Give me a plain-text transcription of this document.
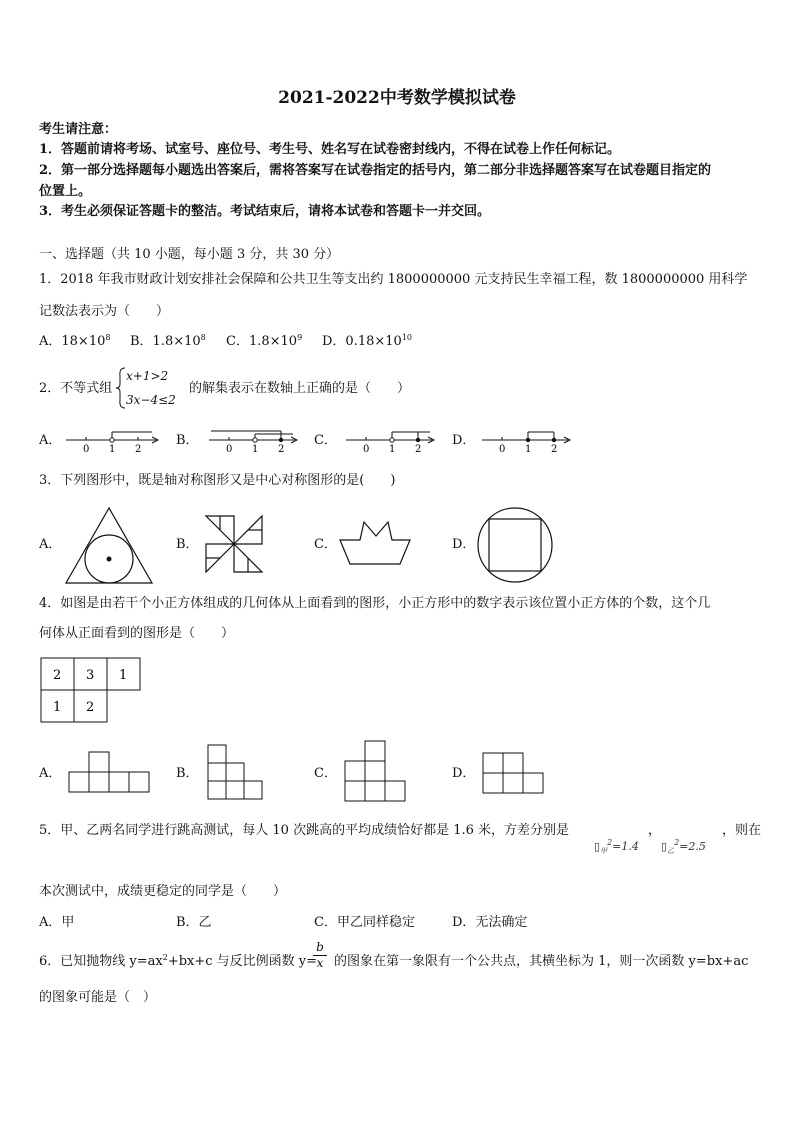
2021-2022中考数学模拟试卷
考生请注意：
1．答题前请将考场、试室号、座位号、考生号、姓名写在试卷密封线内，不得在试卷上作任何标记。
2．第一部分选择题每小题选出答案后，需将答案写在试卷指定的括号内，第二部分非选择题答案写在试卷题目指定的
位置上。
3．考生必须保证答题卡的整洁。考试结束后，请将本试卷和答题卡一并交回。
一、选择题（共 10 小题，每小题 3 分，共 30 分）
1．2018 年我市财政计划安排社会保障和公共卫生等支出约 1800000000 元支持民生幸福工程，数 1800000000 用科学
记数法表示为（　　）
A．$18\times 10^8$ B．$1.8\times 10^8$ C．$1.8\times 10^9$ D．$0.18\times 10^{10}$
2．不等式组
x+1>2
3x−4≤2
的解集表示在数轴上正确的是（　　）
A．
0 1 2
B．
0 1 2
C．
0 1 2
D．
0 1 2
3．下列图形中，既是轴对称图形又是中心对称图形的是(　　)
A．	B．	C．	D．
4．如图是由若干个小正方体组成的几何体从上面看到的图形，小正方形中的数字表示该位置小正方体的个数，这个几
何体从正面看到的图形是（　　）
2 3 1
1 2
A．	B．	C．	D．
5．甲、乙两名同学进行跳高测试，每人 10 次跳高的平均成绩恰好都是 1.6 米，方差分别是	，
$▯_甲^2=1.4$ $▯_乙^2=2.5$
，则在
本次测试中，成绩更稳定的同学是（　　）
A．甲	B．乙	C．甲乙同样稳定	D．无法确定
6．已知抛物线 $y=ax^2+bx+c$ 与反比例函数 y=
$\frac{b}{x}$ 的图象在第一象限有一个公共点，其横坐标为 1，则一次函数 y=bx+ac
的图象可能是（　）
